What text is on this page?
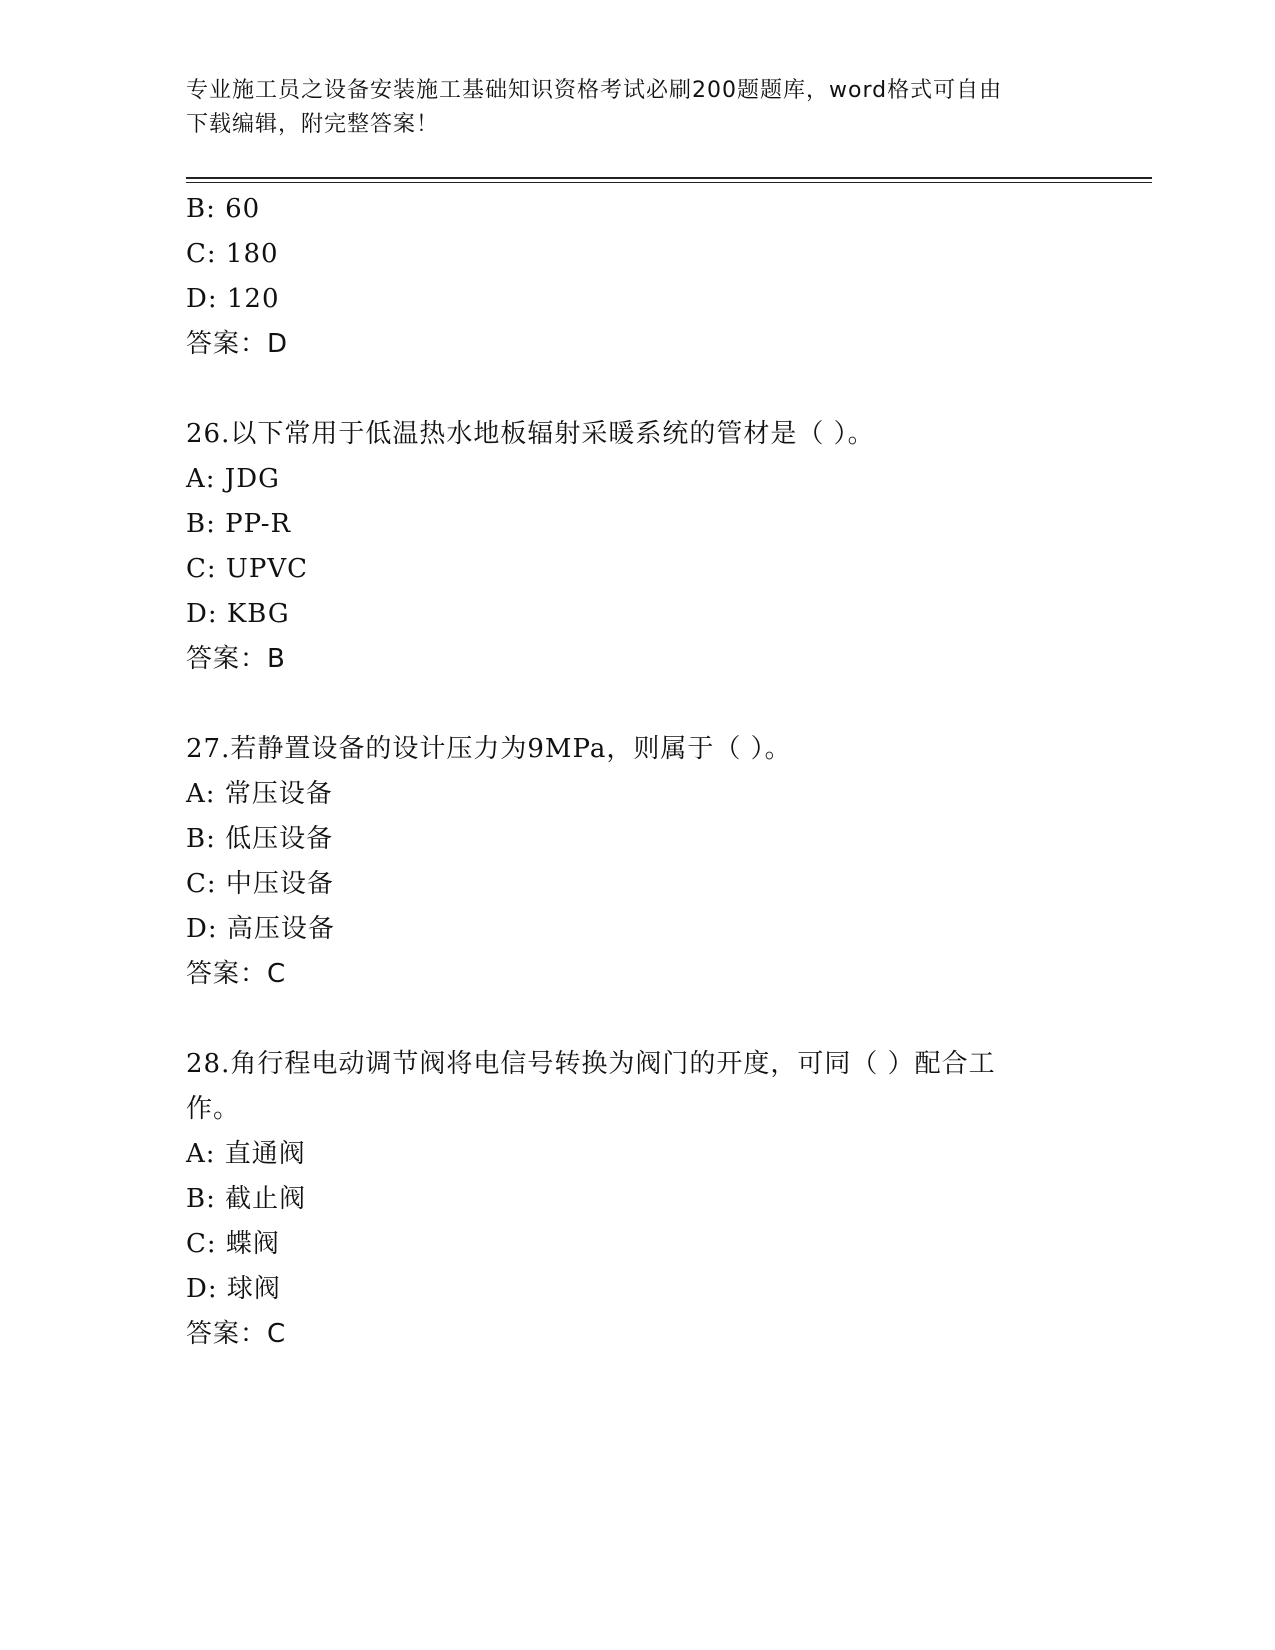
专业施工员之设备安装施工基础知识资格考试必刷200题题库，word格式可自由
下载编辑，附完整答案！
B: 60
C: 180
D: 120
答案：D
26.以下常用于低温热水地板辐射采暖系统的管材是（ ）。
A: JDG
B: PP-R
C: UPVC
D: KBG
答案：B
27.若静置设备的设计压力为9MPa，则属于（ ）。
A: 常压设备
B: 低压设备
C: 中压设备
D: 高压设备
答案：C
28.角行程电动调节阀将电信号转换为阀门的开度，可同（ ）配合工
作。
A: 直通阀
B: 截止阀
C: 蝶阀
D: 球阀
答案：C
